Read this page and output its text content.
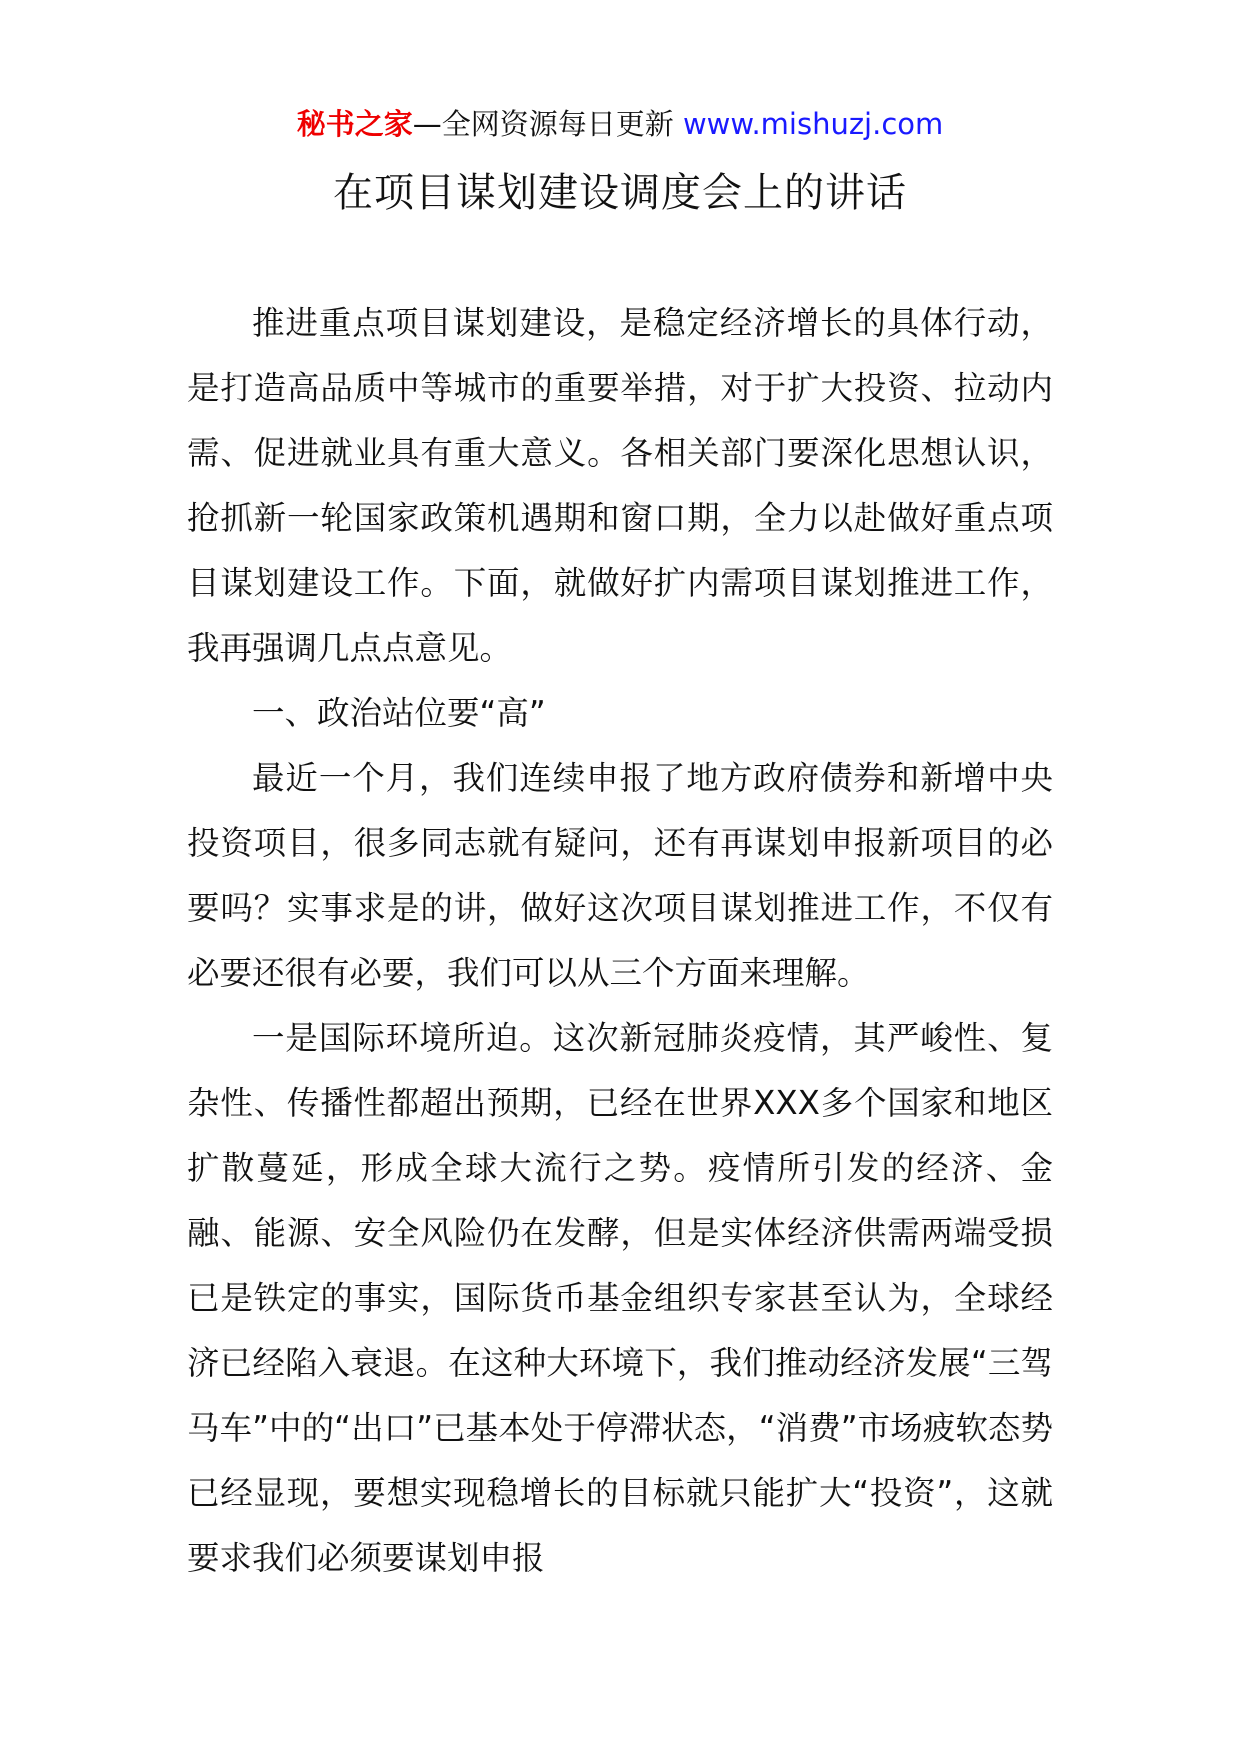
秘书之家—全网资源每日更新 www.mishuzj.com
在项目谋划建设调度会上的讲话

推进重点项目谋划建设，是稳定经济增长的具体行动，是打造高品质中等城市的重要举措，对于扩大投资、拉动内需、促进就业具有重大意义。各相关部门要深化思想认识，抢抓新一轮国家政策机遇期和窗口期，全力以赴做好重点项目谋划建设工作。下面，就做好扩内需项目谋划推进工作，我再强调几点点意见。

一、政治站位要“高”

最近一个月，我们连续申报了地方政府债券和新增中央投资项目，很多同志就有疑问，还有再谋划申报新项目的必要吗？实事求是的讲，做好这次项目谋划推进工作，不仅有必要还很有必要，我们可以从三个方面来理解。

一是国际环境所迫。这次新冠肺炎疫情，其严峻性、复杂性、传播性都超出预期，已经在世界XXX多个国家和地区扩散蔓延，形成全球大流行之势。疫情所引发的经济、金融、能源、安全风险仍在发酵，但是实体经济供需两端受损已是铁定的事实，国际货币基金组织专家甚至认为，全球经济已经陷入衰退。在这种大环境下，我们推动经济发展“三驾马车”中的“出口”已基本处于停滞状态，“消费”市场疲软态势已经显现，要想实现稳增长的目标就只能扩大“投资”，这就要求我们必须要谋划申报
